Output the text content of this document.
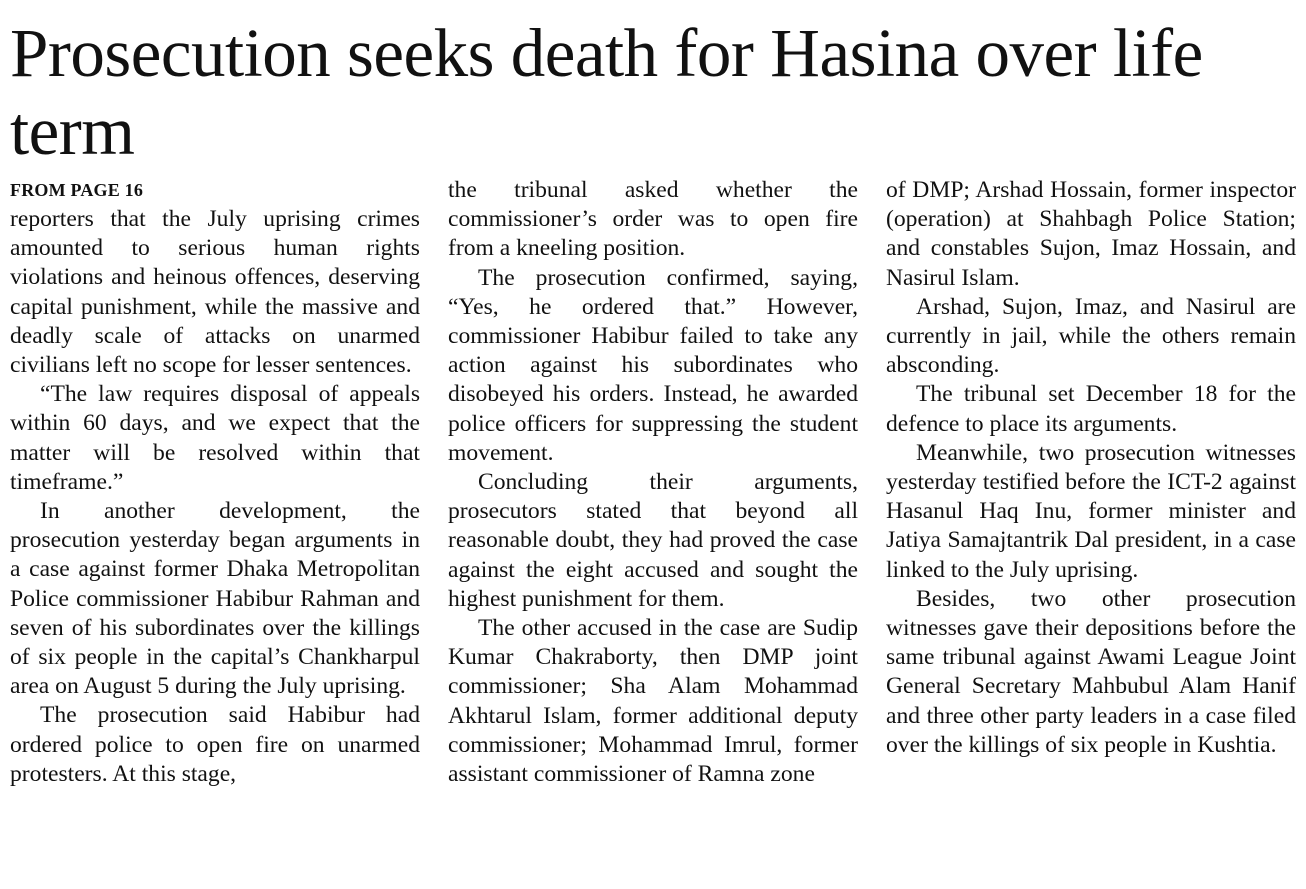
Prosecution seeks death for Hasina over life term
FROM PAGE 16

reporters that the July uprising crimes amounted to serious human rights violations and heinous offences, deserving capital punishment, while the massive and deadly scale of attacks on unarmed civilians left no scope for lesser sentences.

“The law requires disposal of appeals within 60 days, and we expect that the matter will be resolved within that timeframe.”

In another development, the prosecution yesterday began arguments in a case against former Dhaka Metropolitan Police commissioner Habibur Rahman and seven of his subordinates over the killings of six people in the capital’s Chankharpul area on August 5 during the July uprising.

The prosecution said Habibur had ordered police to open fire on unarmed protesters. At this stage,

the tribunal asked whether the commissioner’s order was to open fire from a kneeling position.

The prosecution confirmed, saying, “Yes, he ordered that.” However, commissioner Habibur failed to take any action against his subordinates who disobeyed his orders. Instead, he awarded police officers for suppressing the student movement.

Concluding their arguments, prosecutors stated that beyond all reasonable doubt, they had proved the case against the eight accused and sought the highest punishment for them.

The other accused in the case are Sudip Kumar Chakraborty, then DMP joint commissioner; Sha Alam Mohammad Akhtarul Islam, former additional deputy commissioner; Mohammad Imrul, former assistant commissioner of Ramna zone

of DMP; Arshad Hossain, former inspector (operation) at Shahbagh Police Station; and constables Sujon, Imaz Hossain, and Nasirul Islam.

Arshad, Sujon, Imaz, and Nasirul are currently in jail, while the others remain absconding.

The tribunal set December 18 for the defence to place its arguments.

Meanwhile, two prosecution witnesses yesterday testified before the ICT-2 against Hasanul Haq Inu, former minister and Jatiya Samajtantrik Dal president, in a case linked to the July uprising.

Besides, two other prosecution witnesses gave their depositions before the same tribunal against Awami League Joint General Secretary Mahbubul Alam Hanif and three other party leaders in a case filed over the killings of six people in Kushtia.
